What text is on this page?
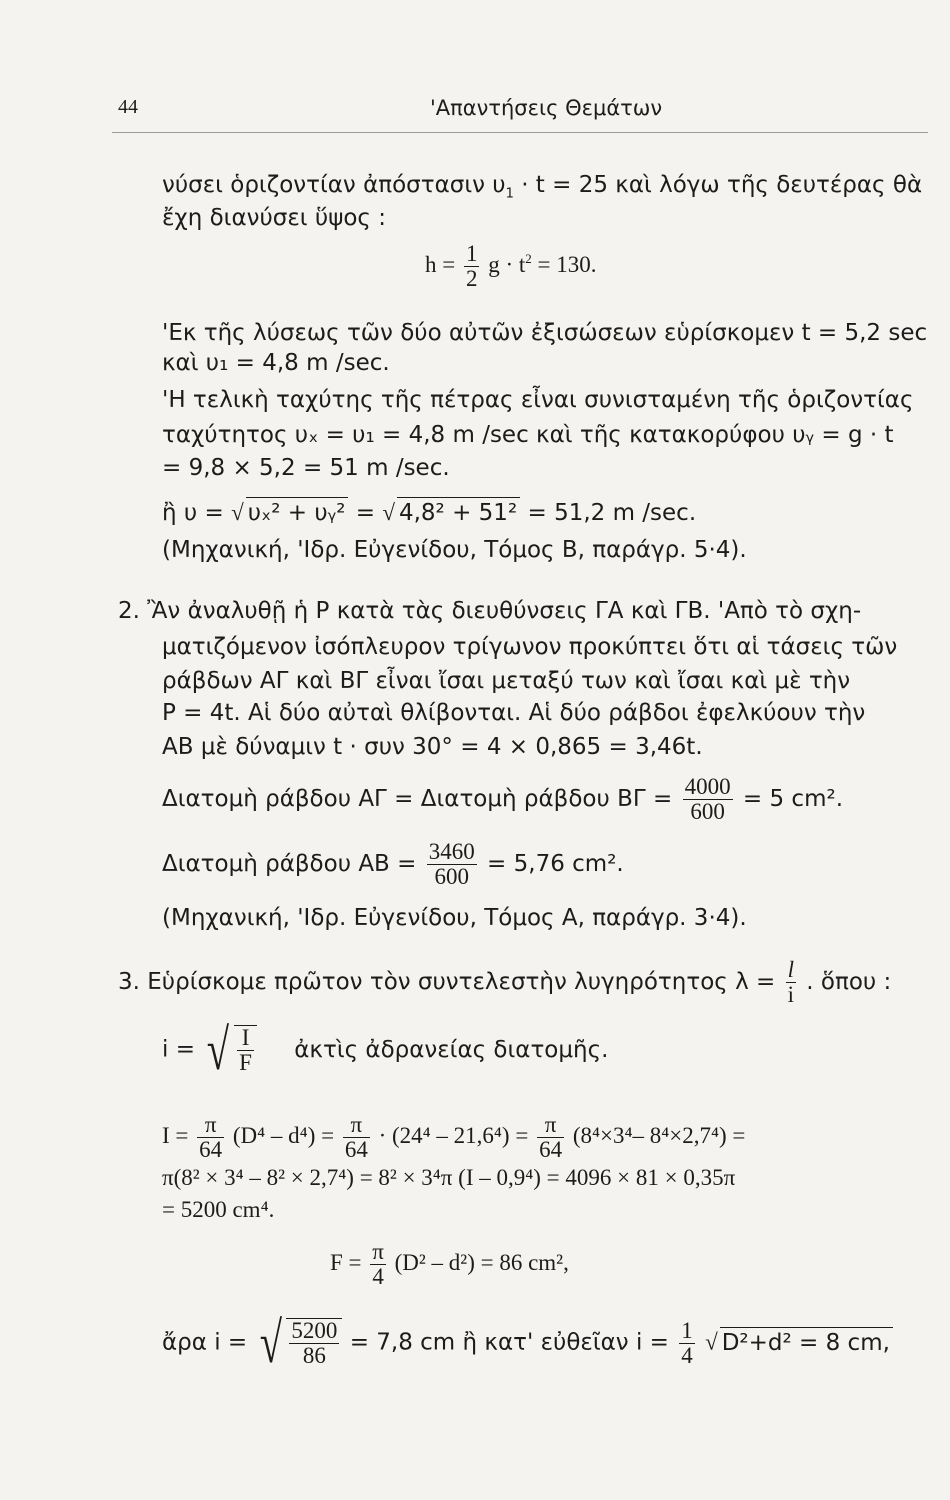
44	'Απαντήσεις Θεμάτων
νύσει ὁριζοντίαν ἀπόστασιν $\upsilon_1 \cdot t = 25$ καὶ λόγω τῆς δευτέρας θὰ
ἔχη διανύσει ὕψος :
$h = \frac{1}{2}$ $g \cdot t^2 = 130$.
'Εκ τῆς λύσεως τῶν δύο αὐτῶν ἐξισώσεων εὑρίσκομεν t = 5,2 sec
καὶ υ₁ = 4,8 m /sec.
'Η τελικὴ ταχύτης τῆς πέτρας εἶναι συνισταμένη τῆς ὁριζοντίας
ταχύτητος υₓ = υ₁ = 4,8 m /sec καὶ τῆς κατακορύφου υᵧ = g · t
= 9,8 × 5,2 = 51 m /sec.
ἢ υ = √ υₓ² + υᵧ² = √ 4,8² + 51² = 51,2 m /sec.
(Μηχανική, 'Ιδρ. Εὐγενίδου, Τόμος Β, παράγρ. 5·4).
2. Ἂν ἀναλυθῇ ἡ P κατὰ τὰς διευθύνσεις ΓΑ καὶ ΓΒ. 'Απὸ τὸ σχη-
ματιζόμενον ἰσόπλευρον τρίγωνον προκύπτει ὅτι αἱ τάσεις τῶν
ράβδων ΑΓ καὶ ΒΓ εἶναι ἴσαι μεταξύ των καὶ ἴσαι καὶ μὲ τὴν
P = 4t. Αἱ δύο αὐταὶ θλίβονται. Αἱ δύο ράβδοι ἐφελκύουν τὴν
ΑΒ μὲ δύναμιν t · συν 30° = 4 × 0,865 = 3,46t.
Διατομὴ ράβδου ΑΓ = Διατομὴ ράβδου $B\Gamma = \frac{4000}{600} = 5$ cm².
Διατομὴ ράβδου $AB = \frac{3460}{600} = 5,76$ cm².
(Μηχανική, 'Ιδρ. Εὐγενίδου, Τόμος Α, παράγρ. 3·4).
3. Εὑρίσκομε πρῶτον τὸν συντελεστὴν λυγηρότητος $\lambda = \frac{l}{i}$ . ὅπου :
i = √ $\frac{I}{F}$ ἀκτὶς ἀδρανείας διατομῆς.
$I = \frac{\pi}{64} (D^4 - d^4) = \frac{\pi}{64} \cdot (24^4 - 21,6^4) = \frac{\pi}{64} (8^4\times 3^4-$ 8⁴×2,7⁴) =
π(8² × 3⁴ – 8² × 2,7⁴) = 8² × 3⁴π (I – 0,9⁴) = 4096 × 81 × 0,35π
= 5200 cm⁴.
$F = \frac{\pi}{4} (D^2 - d^2) = 86$ cm²,
ἄρα i = √ $\frac{5200}{86} = 7,8$ cm ἢ κατ' εὐθεῖαν $i = \frac{1}{4}$ √ D²+d² = 8 cm,
